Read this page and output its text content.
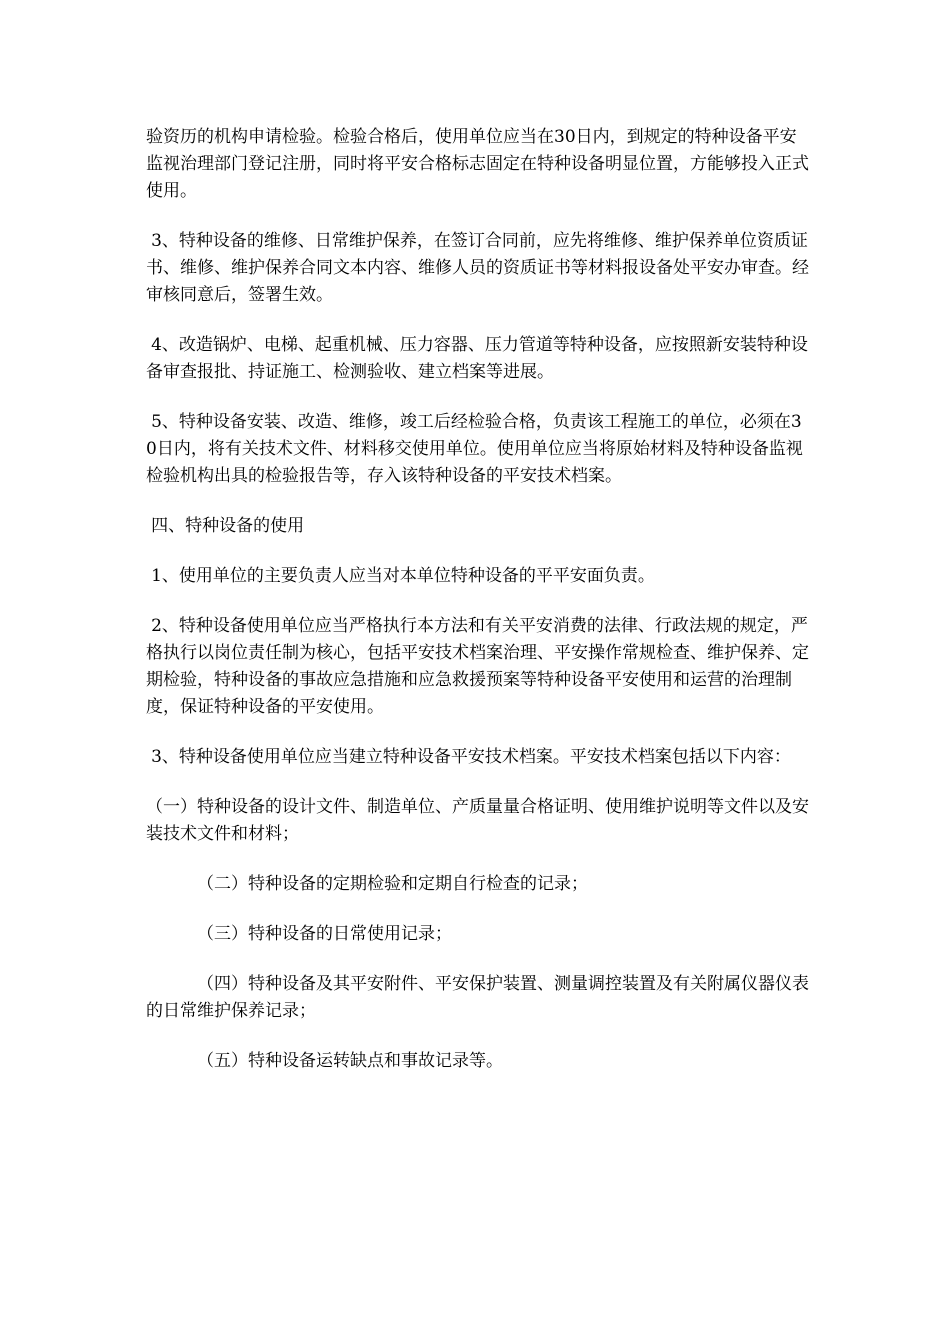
验资历的机构申请检验。检验合格后，使用单位应当在30日内，到规定的特种设备平安监视治理部门登记注册，同时将平安合格标志固定在特种设备明显位置，方能够投入正式使用。

3、特种设备的维修、日常维护保养，在签订合同前，应先将维修、维护保养单位资质证书、维修、维护保养合同文本内容、维修人员的资质证书等材料报设备处平安办审查。经审核同意后，签署生效。

4、改造锅炉、电梯、起重机械、压力容器、压力管道等特种设备，应按照新安装特种设备审查报批、持证施工、检测验收、建立档案等进展。

5、特种设备安装、改造、维修，竣工后经检验合格，负责该工程施工的单位，必须在30日内，将有关技术文件、材料移交使用单位。使用单位应当将原始材料及特种设备监视检验机构出具的检验报告等，存入该特种设备的平安技术档案。

四、特种设备的使用

1、使用单位的主要负责人应当对本单位特种设备的平平安面负责。

2、特种设备使用单位应当严格执行本方法和有关平安消费的法律、行政法规的规定，严格执行以岗位责任制为核心，包括平安技术档案治理、平安操作常规检查、维护保养、定期检验，特种设备的事故应急措施和应急救援预案等特种设备平安使用和运营的治理制度，保证特种设备的平安使用。

3、特种设备使用单位应当建立特种设备平安技术档案。平安技术档案包括以下内容：

（一）特种设备的设计文件、制造单位、产质量量合格证明、使用维护说明等文件以及安装技术文件和材料；

（二）特种设备的定期检验和定期自行检查的记录；

（三）特种设备的日常使用记录；

（四）特种设备及其平安附件、平安保护装置、测量调控装置及有关附属仪器仪表的日常维护保养记录；

（五）特种设备运转缺点和事故记录等。
